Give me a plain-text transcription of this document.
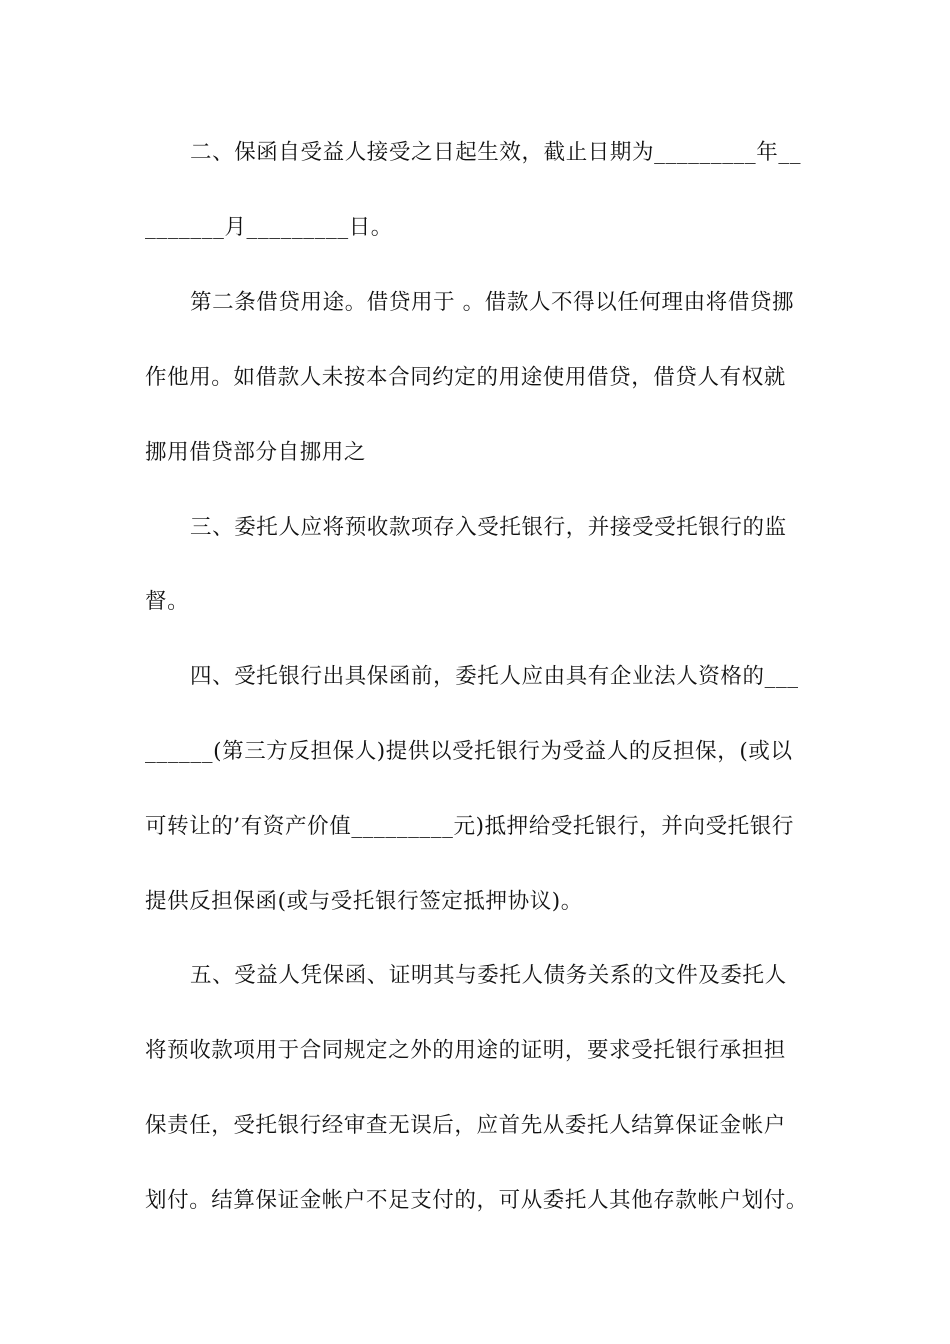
二、保函自受益人接受之日起生效，截止日期为_________年__
_______月_________日。
第二条借贷用途。借贷用于 。借款人不得以任何理由将借贷挪
作他用。如借款人未按本合同约定的用途使用借贷，借贷人有权就
挪用借贷部分自挪用之
三、委托人应将预收款项存入受托银行，并接受受托银行的监
督。
四、受托银行出具保函前，委托人应由具有企业法人资格的___
______(第三方反担保人)提供以受托银行为受益人的反担保，(或以
可转让的’有资产价值_________元)抵押给受托银行，并向受托银行
提供反担保函(或与受托银行签定抵押协议)。
五、受益人凭保函、证明其与委托人债务关系的文件及委托人
将预收款项用于合同规定之外的用途的证明，要求受托银行承担担
保责任，受托银行经审查无误后，应首先从委托人结算保证金帐户
划付。结算保证金帐户不足支付的，可从委托人其他存款帐户划付。
